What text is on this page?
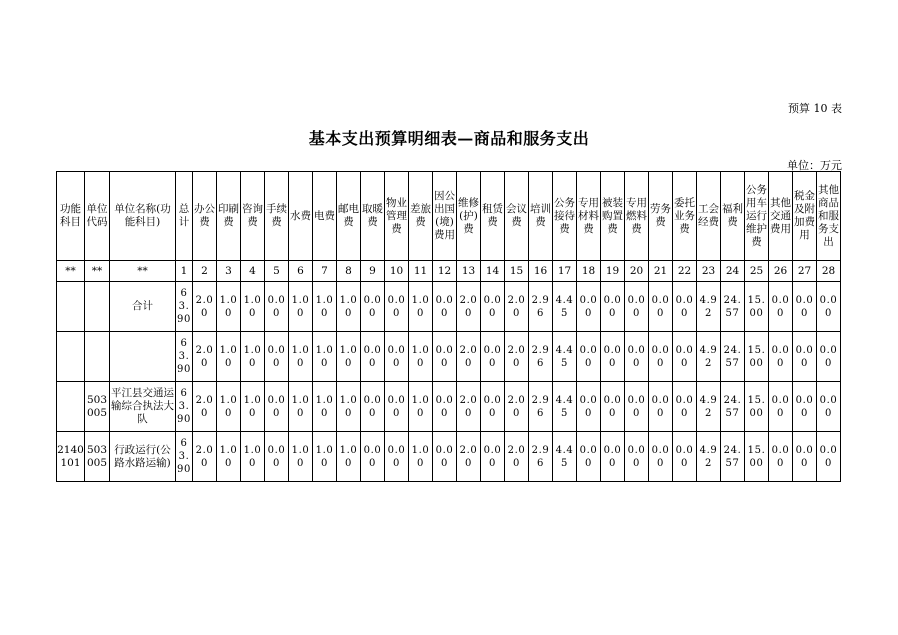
预算 10 表
基本支出预算明细表—商品和服务支出
单位：万元
功能科目	单位代码	单位名称(功能科目)	总计	办公费	印刷费	咨询费	手续费	水费	电费	邮电费	取暖费	物业管理费	差旅费	因公出国(境)费用	维修(护)费	租赁费	会议费	培训费	公务接待费	专用材料费	被装购置费	专用燃料费	劳务费	委托业务费	工会经费	福利费	公务用车运行维护费	其他交通费用	税金及附加费用	其他商品和服务支出
**	**	**	1	2	3	4	5	6	7	8	9	10	11	12	13	14	15	16	17	18	19	20	21	22	23	24	25	26	27	28
		合计	63.90	2.00	1.00	1.00	0.00	1.00	1.00	1.00	0.00	0.00	1.00	0.00	2.00	0.00	2.00	2.96	4.45	0.00	0.00	0.00	0.00	0.00	4.92	24.57	15.00	0.00	0.00	0.00
			63.90	2.00	1.00	1.00	0.00	1.00	1.00	1.00	0.00	0.00	1.00	0.00	2.00	0.00	2.00	2.96	4.45	0.00	0.00	0.00	0.00	0.00	4.92	24.57	15.00	0.00	0.00	0.00
	503005	平江县交通运输综合执法大队	63.90	2.00	1.00	1.00	0.00	1.00	1.00	1.00	0.00	0.00	1.00	0.00	2.00	0.00	2.00	2.96	4.45	0.00	0.00	0.00	0.00	0.00	4.92	24.57	15.00	0.00	0.00	0.00
2140101	503005	行政运行(公路水路运输)	63.90	2.00	1.00	1.00	0.00	1.00	1.00	1.00	0.00	0.00	1.00	0.00	2.00	0.00	2.00	2.96	4.45	0.00	0.00	0.00	0.00	0.00	4.92	24.57	15.00	0.00	0.00	0.00
